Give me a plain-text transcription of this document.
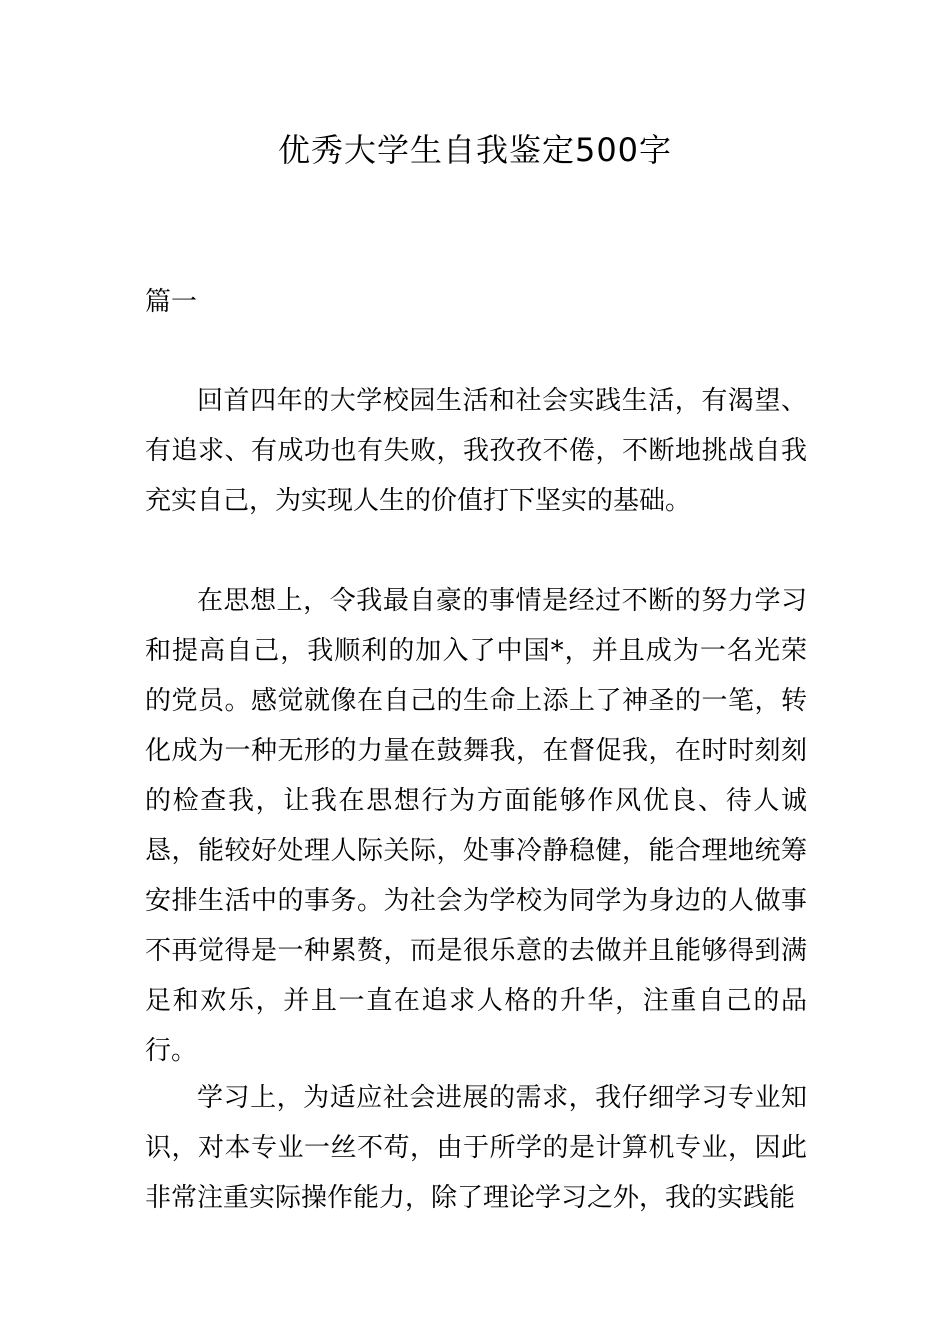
优秀大学生自我鉴定500字

篇一

回首四年的大学校园生活和社会实践生活，有渴望、有追求、有成功也有失败，我孜孜不倦，不断地挑战自我充实自己，为实现人生的价值打下坚实的基础。

在思想上，令我最自豪的事情是经过不断的努力学习和提高自己，我顺利的加入了中国*，并且成为一名光荣的党员。感觉就像在自己的生命上添上了神圣的一笔，转化成为一种无形的力量在鼓舞我，在督促我，在时时刻刻的检查我，让我在思想行为方面能够作风优良、待人诚恳，能较好处理人际关际，处事冷静稳健，能合理地统筹安排生活中的事务。为社会为学校为同学为身边的人做事不再觉得是一种累赘，而是很乐意的去做并且能够得到满足和欢乐，并且一直在追求人格的升华，注重自己的品行。

学习上，为适应社会进展的需求，我仔细学习专业知识，对本专业一丝不苟，由于所学的是计算机专业，因此非常注重实际操作能力，除了理论学习之外，我的实践能
